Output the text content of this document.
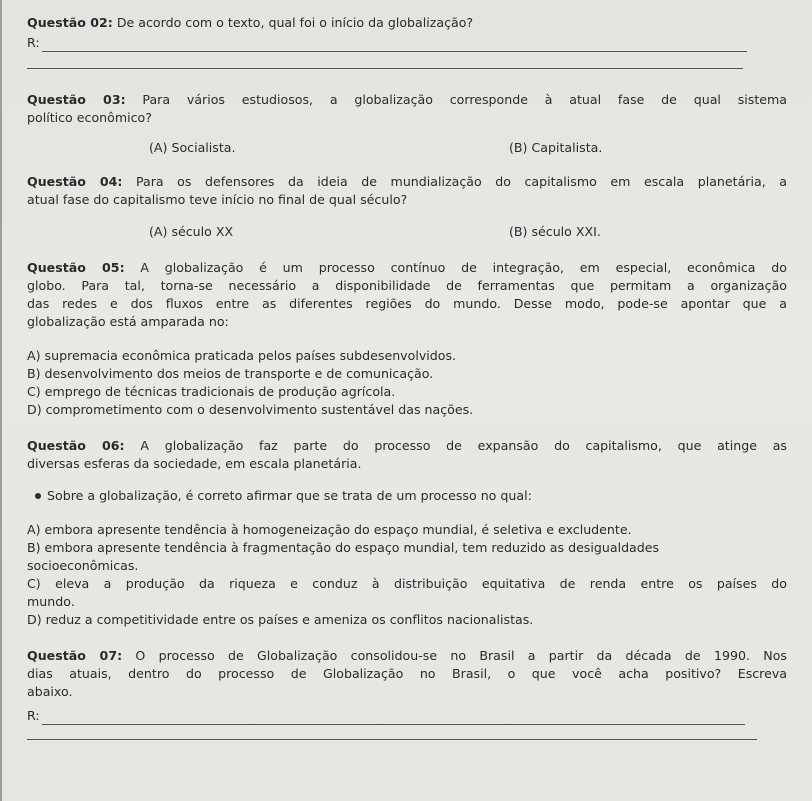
Questão 02: De acordo com o texto, qual foi o início da globalização?
R:
Questão 03: Para vários estudiosos, a globalização corresponde à atual fase de qual sistema
político econômico?
(A) Socialista.	(B) Capitalista.
Questão 04: Para os defensores da ideia de mundialização do capitalismo em escala planetária, a
atual fase do capitalismo teve início no final de qual século?
(A) século XX	(B) século XXI.
Questão 05: A globalização é um processo contínuo de integração, em especial, econômica do
globo. Para tal, torna-se necessário a disponibilidade de ferramentas que permitam a organização
das redes e dos fluxos entre as diferentes regiões do mundo. Desse modo, pode-se apontar que a
globalização está amparada no:
A) supremacia econômica praticada pelos países subdesenvolvidos.
B) desenvolvimento dos meios de transporte e de comunicação.
C) emprego de técnicas tradicionais de produção agrícola.
D) comprometimento com o desenvolvimento sustentável das nações.
Questão 06: A globalização faz parte do processo de expansão do capitalismo, que atinge as
diversas esferas da sociedade, em escala planetária.
Sobre a globalização, é correto afirmar que se trata de um processo no qual:
A) embora apresente tendência à homogeneização do espaço mundial, é seletiva e excludente.
B) embora apresente tendência à fragmentação do espaço mundial, tem reduzido as desigualdades
socioeconômicas.
C) eleva a produção da riqueza e conduz à distribuição equitativa de renda entre os países do
mundo.
D) reduz a competitividade entre os países e ameniza os conflitos nacionalistas.
Questão 07: O processo de Globalização consolidou-se no Brasil a partir da década de 1990. Nos
dias atuais, dentro do processo de Globalização no Brasil, o que você acha positivo? Escreva
abaixo.
R:
